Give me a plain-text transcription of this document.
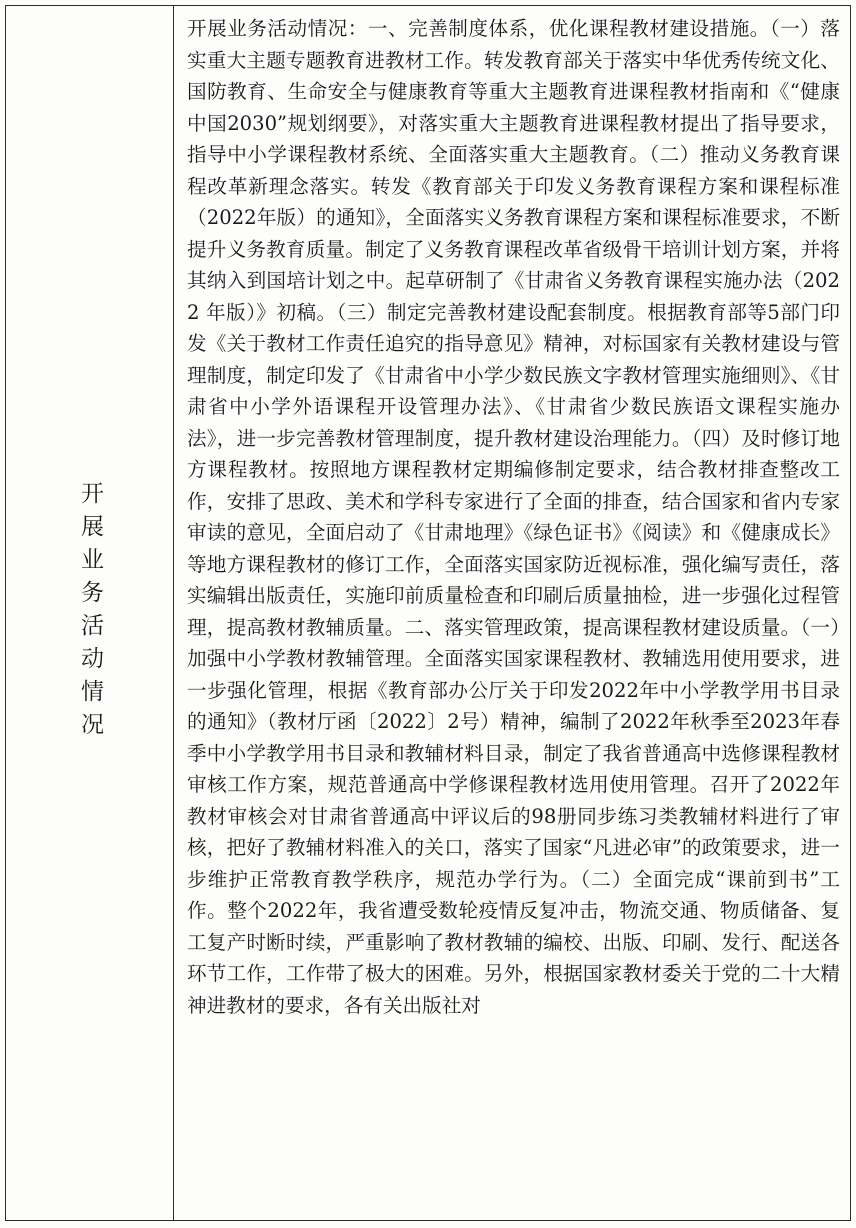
开展业务活动情况

开展业务活动情况：一、完善制度体系，优化课程教材建设措施。（一）落实重大主题专题教育进教材工作。转发教育部关于落实中华优秀传统文化、国防教育、生命安全与健康教育等重大主题教育进课程教材指南和《“健康中国2030”规划纲要》，对落实重大主题教育进课程教材提出了指导要求，指导中小学课程教材系统、全面落实重大主题教育。（二）推动义务教育课程改革新理念落实。转发《教育部关于印发义务教育课程方案和课程标准（2022年版）的通知》，全面落实义务教育课程方案和课程标准要求，不断提升义务教育质量。制定了义务教育课程改革省级骨干培训计划方案，并将其纳入到国培计划之中。起草研制了《甘肃省义务教育课程实施办法（2022 年版）》初稿。（三）制定完善教材建设配套制度。根据教育部等5部门印发《关于教材工作责任追究的指导意见》精神，对标国家有关教材建设与管理制度，制定印发了《甘肃省中小学少数民族文字教材管理实施细则》、《甘肃省中小学外语课程开设管理办法》、《甘肃省少数民族语文课程实施办法》，进一步完善教材管理制度，提升教材建设治理能力。（四）及时修订地方课程教材。按照地方课程教材定期编修制定要求，结合教材排查整改工作，安排了思政、美术和学科专家进行了全面的排查，结合国家和省内专家审读的意见，全面启动了《甘肃地理》《绿色证书》《阅读》和《健康成长》等地方课程教材的修订工作，全面落实国家防近视标准，强化编写责任，落实编辑出版责任，实施印前质量检查和印刷后质量抽检，进一步强化过程管理，提高教材教辅质量。二、落实管理政策，提高课程教材建设质量。（一）加强中小学教材教辅管理。全面落实国家课程教材、教辅选用使用要求，进一步强化管理，根据《教育部办公厅关于印发2022年中小学教学用书目录的通知》（教材厅函〔2022〕2号）精神，编制了2022年秋季至2023年春季中小学教学用书目录和教辅材料目录，制定了我省普通高中选修课程教材审核工作方案，规范普通高中学修课程教材选用使用管理。召开了2022年教材审核会对甘肃省普通高中评议后的98册同步练习类教辅材料进行了审核，把好了教辅材料准入的关口，落实了国家“凡进必审”的政策要求，进一步维护正常教育教学秩序，规范办学行为。（二）全面完成“课前到书”工作。整个2022年，我省遭受数轮疫情反复冲击，物流交通、物质储备、复工复产时断时续，严重影响了教材教辅的编校、出版、印刷、发行、配送各环节工作，工作带了极大的困难。另外，根据国家教材委关于党的二十大精神进教材的要求，各有关出版社对
